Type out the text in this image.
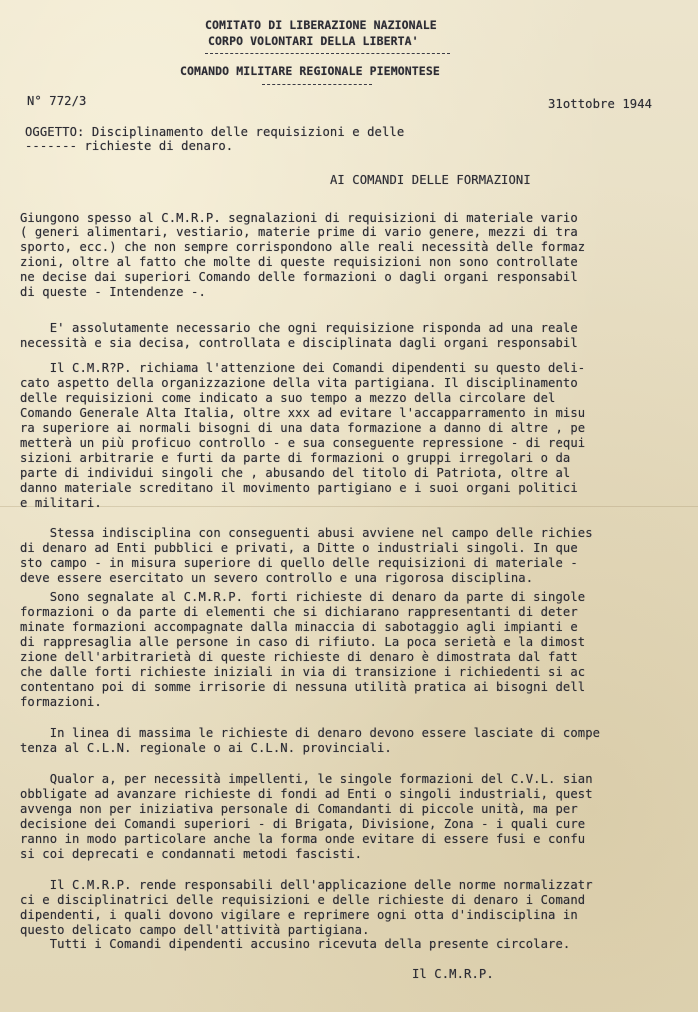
COMITATO DI LIBERAZIONE NAZIONALE
CORPO VOLONTARI DELLA LIBERTA'
COMANDO MILITARE REGIONALE PIEMONTESE
N° 772/3	31ottobre 1944
OGGETTO: Disciplinamento delle requisizioni e delle
------- richieste di denaro.
AI COMANDI DELLE FORMAZIONI
Giungono spesso al C.M.R.P. segnalazioni di requisizioni di materiale vario
( generi alimentari, vestiario, materie prime di vario genere, mezzi di tra
sporto, ecc.) che non sempre corrispondono alle reali necessità delle formaz
zioni, oltre al fatto che molte di queste requisizioni non sono controllate
ne decise dai superiori Comando delle formazioni o dagli organi responsabil
di queste - Intendenze -.
E' assolutamente necessario che ogni requisizione risponda ad una reale
necessità e sia decisa, controllata e disciplinata dagli organi responsabil
Il C.M.R?P. richiama l'attenzione dei Comandi dipendenti su questo deli-
cato aspetto della organizzazione della vita partigiana. Il disciplinamento
delle requisizioni come indicato a suo tempo a mezzo della circolare del
Comando Generale Alta Italia, oltre xxx ad evitare l'accapparramento in misu
ra superiore ai normali bisogni di una data formazione a danno di altre , pe
metterà un più proficuo controllo - e sua conseguente repressione - di requi
sizioni arbitrarie e furti da parte di formazioni o gruppi irregolari o da
parte di individui singoli che , abusando del titolo di Patriota, oltre al
danno materiale screditano il movimento partigiano e i suoi organi politici
e militari.
Stessa indisciplina con conseguenti abusi avviene nel campo delle richies
di denaro ad Enti pubblici e privati, a Ditte o industriali singoli. In que
sto campo - in misura superiore di quello delle requisizioni di materiale -
deve essere esercitato un severo controllo e una rigorosa disciplina.
Sono segnalate al C.M.R.P. forti richieste di denaro da parte di singole
formazioni o da parte di elementi che si dichiarano rappresentanti di deter
minate formazioni accompagnate dalla minaccia di sabotaggio agli impianti e
di rappresaglia alle persone in caso di rifiuto. La poca serietà e la dimost
zione dell'arbitrarietà di queste richieste di denaro è dimostrata dal fatt
che dalle forti richieste iniziali in via di transizione i richiedenti si ac
contentano poi di somme irrisorie di nessuna utilità pratica ai bisogni dell
formazioni.
In linea di massima le richieste di denaro devono essere lasciate di compe
tenza al C.L.N. regionale o ai C.L.N. provinciali.
Qualor a, per necessità impellenti, le singole formazioni del C.V.L. sian
obbligate ad avanzare richieste di fondi ad Enti o singoli industriali, quest
avvenga non per iniziativa personale di Comandanti di piccole unità, ma per
decisione dei Comandi superiori - di Brigata, Divisione, Zona - i quali cure
ranno in modo particolare anche la forma onde evitare di essere fusi e confu
si coi deprecati e condannati metodi fascisti.
Il C.M.R.P. rende responsabili dell'applicazione delle norme normalizzatr
ci e disciplinatrici delle requisizioni e delle richieste di denaro i Comand
dipendenti, i quali dovono vigilare e reprimere ogni otta d'indisciplina in
questo delicato campo dell'attività partigiana.
Tutti i Comandi dipendenti accusino ricevuta della presente circolare.
Il C.M.R.P.
